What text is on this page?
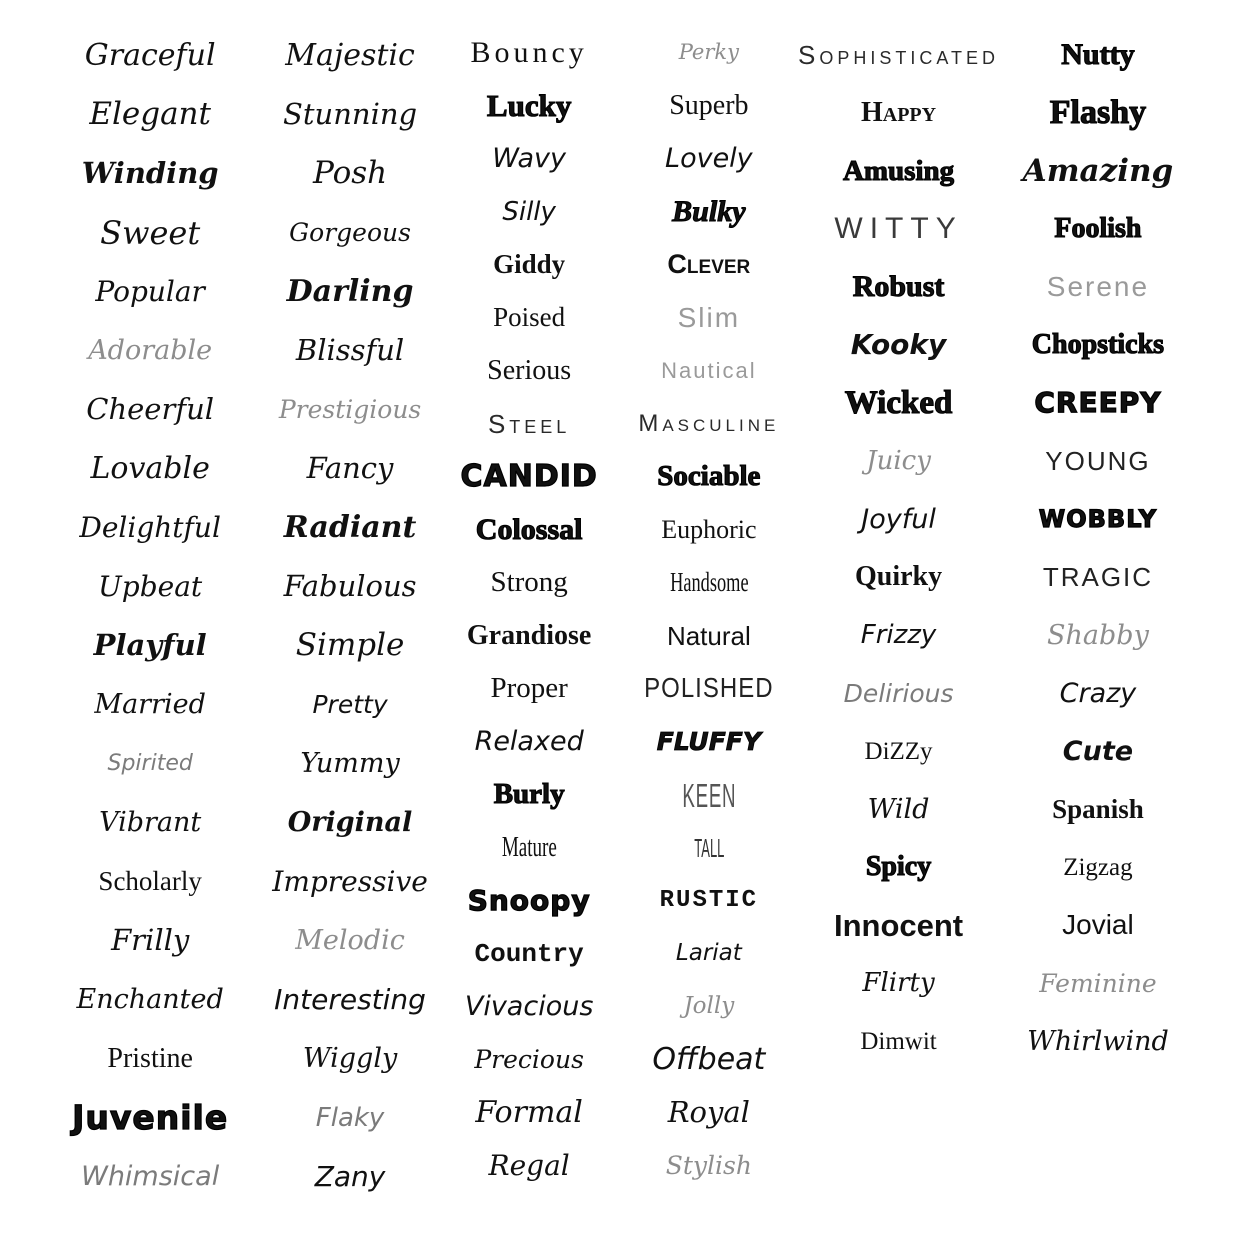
Graceful
Elegant
Winding
Sweet
Popular
Adorable
Cheerful
Lovable
Delightful
Upbeat
Playful
Married
Spirited
Vibrant
Scholarly
Frilly
Enchanted
Pristine
Juvenile
Whimsical
Majestic
Stunning
Posh
Gorgeous
Darling
Blissful
Prestigious
Fancy
Radiant
Fabulous
Simple
Pretty
Yummy
Original
Impressive
Melodic
Interesting
Wiggly
Flaky
Zany
Bouncy
Lucky
Wavy
Silly
Giddy
Poised
Serious
Steel
CANDID
Colossal
Strong
Grandiose
Proper
Relaxed
Burly
Mature
Snoopy
Country
Vivacious
Precious
Formal
Regal
Perky
Superb
Lovely
Bulky
Clever
Slim
Nautical
Masculine
Sociable
Euphoric
Handsome
Natural
POLISHED
FLUFFY
KEEN
TALL
RUSTIC
Lariat
Jolly
Offbeat
Royal
Stylish
Sophisticated
Happy
Amusing
WITTY
Robust
Kooky
Wicked
Juicy
Joyful
Quirky
Frizzy
Delirious
DiZZy
Wild
Spicy
Innocent
Flirty
Dimwit
Nutty
Flashy
Amazing
Foolish
Serene
Chopsticks
CREEPY
YOUNG
WOBBLY
TRAGIC
Shabby
Crazy
Cute
Spanish
Zigzag
Jovial
Feminine
Whirlwind
